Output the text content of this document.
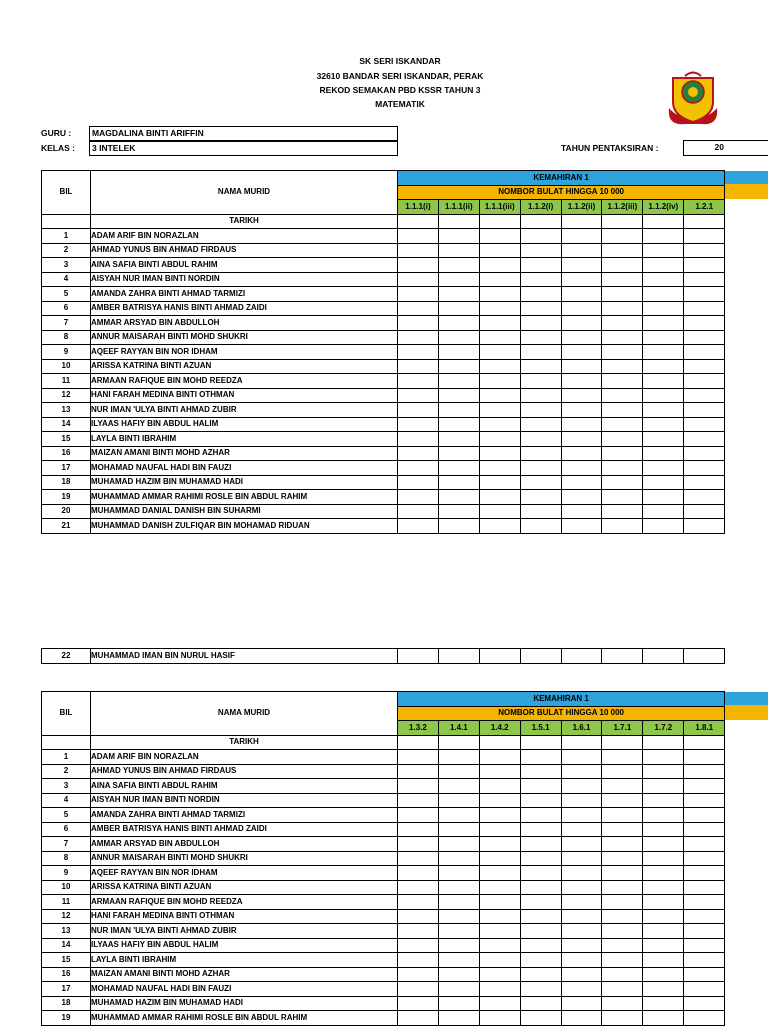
SK SERI ISKANDAR
32610 BANDAR SERI ISKANDAR, PERAK
REKOD SEMAKAN PBD KSSR TAHUN 3
MATEMATIK
GURU :	MAGDALINA BINTI ARIFFIN
KELAS :	3 INTELEK	TAHUN PENTAKSIRAN :	20
BIL	NAMA MURID	KEMAHIRAN 1							
		NOMBOR BULAT HINGGA 10 000							
		1.1.1(i)	1.1.1(ii)	1.1.1(iii)	1.1.2(i)	1.1.2(ii)	1.1.2(iii)	1.1.2(iv)	1.2.1
	TARIKH								
1	ADAM ARIF BIN NORAZLAN								
2	AHMAD YUNUS BIN AHMAD FIRDAUS								
3	AINA SAFIA BINTI ABDUL RAHIM								
4	AISYAH NUR IMAN BINTI NORDIN								
5	AMANDA ZAHRA BINTI AHMAD TARMIZI								
6	AMBER BATRISYA HANIS BINTI AHMAD ZAIDI								
7	AMMAR ARSYAD BIN ABDULLOH								
8	ANNUR MAISARAH BINTI MOHD SHUKRI								
9	AQEEF RAYYAN BIN NOR IDHAM								
10	ARISSA KATRINA BINTI AZUAN								
11	ARMAAN RAFIQUE BIN MOHD REEDZA								
12	HANI FARAH MEDINA BINTI OTHMAN								
13	NUR IMAN 'ULYA BINTI AHMAD ZUBIR								
14	ILYAAS HAFIY BIN ABDUL HALIM								
15	LAYLA BINTI IBRAHIM								
16	MAIZAN AMANI BINTI MOHD AZHAR								
17	MOHAMAD NAUFAL HADI BIN FAUZI								
18	MUHAMAD HAZIM BIN MUHAMAD HADI								
19	MUHAMMAD AMMAR RAHIMI ROSLE BIN ABDUL RAHIM								
20	MUHAMMAD DANIAL DANISH BIN SUHARMI								
21	MUHAMMAD DANISH ZULFIQAR BIN MOHAMAD RIDUAN								
22	MUHAMMAD IMAN BIN NURUL HASIF								
BIL	NAMA MURID	KEMAHIRAN 1							
		NOMBOR BULAT HINGGA 10 000							
		1.3.2	1.4.1	1.4.2	1.5.1	1.6.1	1.7.1	1.7.2	1.8.1
	TARIKH								
1	ADAM ARIF BIN NORAZLAN								
2	AHMAD YUNUS BIN AHMAD FIRDAUS								
3	AINA SAFIA BINTI ABDUL RAHIM								
4	AISYAH NUR IMAN BINTI NORDIN								
5	AMANDA ZAHRA BINTI AHMAD TARMIZI								
6	AMBER BATRISYA HANIS BINTI AHMAD ZAIDI								
7	AMMAR ARSYAD BIN ABDULLOH								
8	ANNUR MAISARAH BINTI MOHD SHUKRI								
9	AQEEF RAYYAN BIN NOR IDHAM								
10	ARISSA KATRINA BINTI AZUAN								
11	ARMAAN RAFIQUE BIN MOHD REEDZA								
12	HANI FARAH MEDINA BINTI OTHMAN								
13	NUR IMAN 'ULYA BINTI AHMAD ZUBIR								
14	ILYAAS HAFIY BIN ABDUL HALIM								
15	LAYLA BINTI IBRAHIM								
16	MAIZAN AMANI BINTI MOHD AZHAR								
17	MOHAMAD NAUFAL HADI BIN FAUZI								
18	MUHAMAD HAZIM BIN MUHAMAD HADI								
19	MUHAMMAD AMMAR RAHIMI ROSLE BIN ABDUL RAHIM								
